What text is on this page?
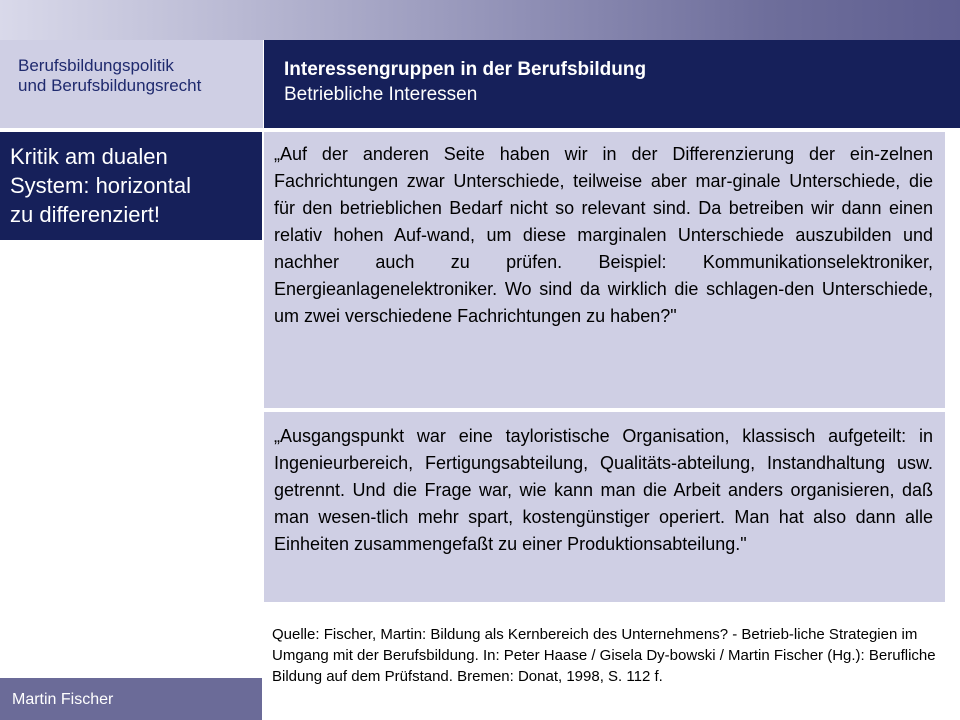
Berufsbildungspolitik
und Berufsbildungsrecht
Interessengruppen in der Berufsbildung
Betriebliche Interessen
Kritik am dualen
System: horizontal
zu differenziert!
„Auf der anderen Seite haben wir in der Differenzierung der ein-zelnen Fachrichtungen zwar Unterschiede, teilweise aber mar-ginale Unterschiede, die für den betrieblichen Bedarf nicht so relevant sind. Da betreiben wir dann einen relativ hohen Auf-wand, um diese marginalen Unterschiede auszubilden und nachher auch zu prüfen. Beispiel: Kommunikationselektroniker, Energieanlagenelektroniker. Wo sind da wirklich die schlagen-den Unterschiede, um zwei verschiedene Fachrichtungen zu haben?"
„Ausgangspunkt war eine tayloristische Organisation, klassisch aufgeteilt: in Ingenieurbereich, Fertigungsabteilung, Qualitäts-abteilung, Instandhaltung usw. getrennt. Und die Frage war, wie kann man die Arbeit anders organisieren, daß man wesen-tlich mehr spart, kostengünstiger operiert. Man hat also dann alle Einheiten zusammengefaßt zu einer Produktionsabteilung."
Quelle: Fischer, Martin: Bildung als Kernbereich des Unternehmens? - Betrieb-liche Strategien im Umgang mit der Berufsbildung. In: Peter Haase / Gisela Dy-bowski / Martin Fischer (Hg.): Berufliche Bildung auf dem Prüfstand. Bremen: Donat, 1998, S. 112 f.
Martin Fischer
